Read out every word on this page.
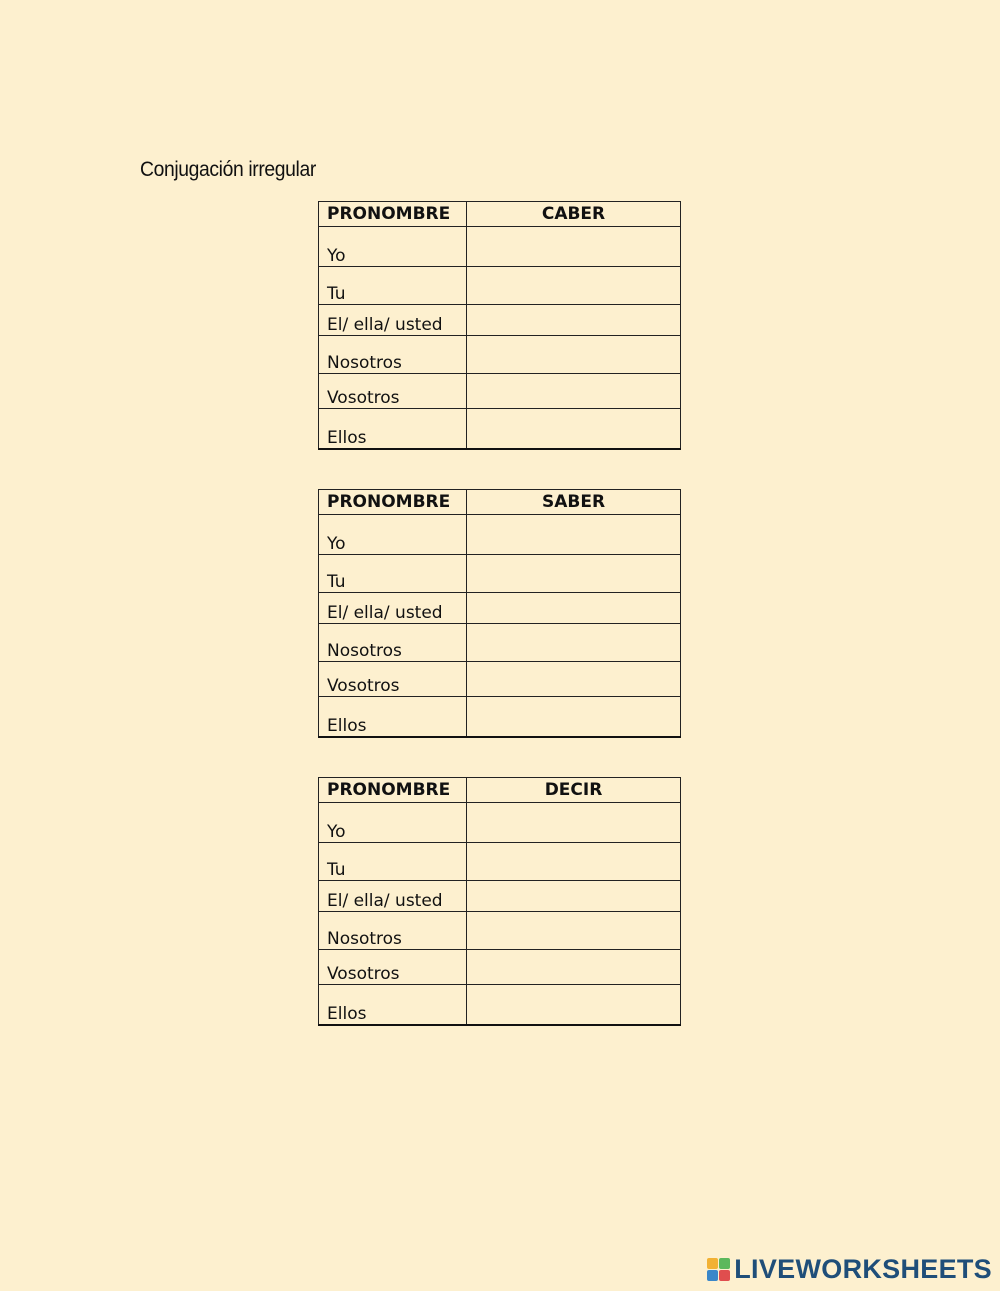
Conjugación irregular
PRONOMBRE	CABER
Yo	
Tu	
El/ ella/ usted	
Nosotros	
Vosotros	
Ellos	
PRONOMBRE	SABER
Yo	
Tu	
El/ ella/ usted	
Nosotros	
Vosotros	
Ellos	
PRONOMBRE	DECIR
Yo	
Tu	
El/ ella/ usted	
Nosotros	
Vosotros	
Ellos	
LIVEWORKSHEETS
